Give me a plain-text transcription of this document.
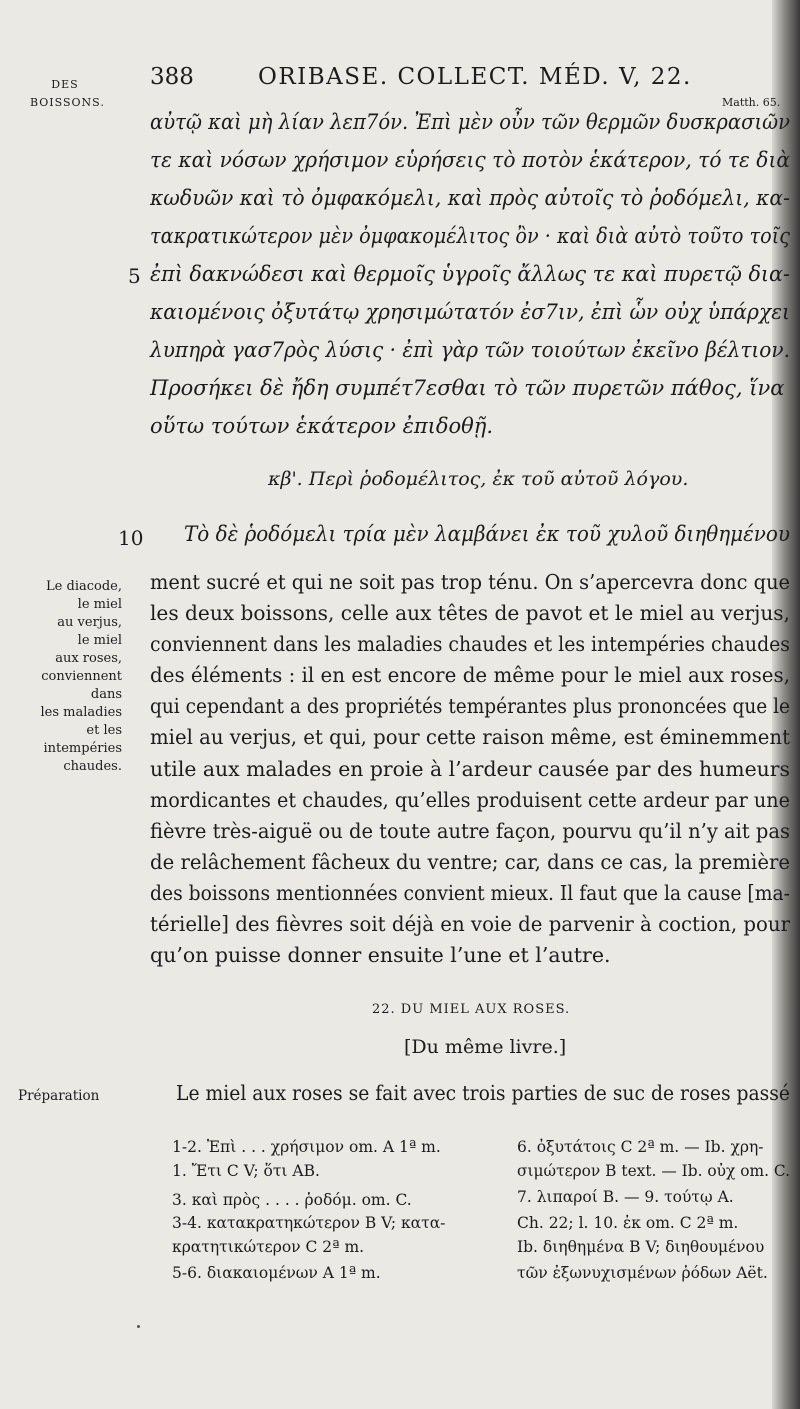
DES
BOISSONS.
388	ORIBASE. COLLECT. MÉD. V, 22.
Matth. 65.
αὐτῷ καὶ μὴ λίαν λεπ7όν. Ἐπὶ μὲν οὖν τῶν θερμῶν δυσκρασιῶν
τε καὶ νόσων χρήσιμον εὑρήσεις τὸ ποτὸν ἑκάτερον, τό τε διὰ
κωδυῶν καὶ τὸ ὀμφακόμελι, καὶ πρὸς αὐτοῖς τὸ ῥοδόμελι, κα-
τακρατικώτερον μὲν ὀμφακομέλιτος ὂν · καὶ διὰ αὐτὸ τοῦτο τοῖς
5 ἐπὶ δακνώδεσι καὶ θερμοῖς ὑγροῖς ἄλλως τε καὶ πυρετῷ δια-
καιομένοις ὀξυτάτῳ χρησιμώτατόν ἐσ7ιν, ἐπὶ ὧν οὐχ ὑπάρχει
λυπηρὰ γασ7ρὸς λύσις · ἐπὶ γὰρ τῶν τοιούτων ἐκεῖνο βέλτιον.
Προσήκει δὲ ἤδη συμπέτ7εσθαι τὸ τῶν πυρετῶν πάθος, ἵνα
οὕτω τούτων ἑκάτερον ἐπιδοθῇ.
κβ'. Περὶ ῥοδομέλιτος, ἐκ τοῦ αὐτοῦ λόγου.
10 Τὸ δὲ ῥοδόμελι τρία μὲν λαμβάνει ἐκ τοῦ χυλοῦ διηθημένου

Le diacode,

le miel

au verjus,

le miel

aux roses,

conviennent

dans

les maladies

et les

intempéries

chaudes.

ment sucré et qui ne soit pas trop ténu. On s’apercevra donc que
les deux boissons, celle aux têtes de pavot et le miel au verjus,
conviennent dans les maladies chaudes et les intempéries chaudes
des éléments : il en est encore de même pour le miel aux roses,
qui cependant a des propriétés tempérantes plus prononcées que le
miel au verjus, et qui, pour cette raison même, est éminemment
utile aux malades en proie à l’ardeur causée par des humeurs
mordicantes et chaudes, qu’elles produisent cette ardeur par une
fièvre très-aiguë ou de toute autre façon, pourvu qu’il n’y ait pas
de relâchement fâcheux du ventre; car, dans ce cas, la première
des boissons mentionnées convient mieux. Il faut que la cause [ma-
térielle] des fièvres soit déjà en voie de parvenir à coction, pour
qu’on puisse donner ensuite l’une et l’autre.
22. DU MIEL AUX ROSES.
[Du même livre.]
Préparation	Le miel aux roses se fait avec trois parties de suc de roses passé
1-2. Ἐπὶ . . . χρήσιμον om. A 1ª m.
1. Ἔτι C V; ὅτι AB.
3. καὶ πρὸς . . . . ῥοδόμ. om. C.
3-4. κατακρατηκώτερον B V; κατα-
κρατητικώτερον C 2ª m.
5-6. διακαιομένων A 1ª m.
6. ὀξυτάτοις C 2ª m. — Ib. χρη-
σιμώτερον B text. — Ib. οὐχ om. C.
7. λιπαροί B. — 9. τούτῳ A.
Ch. 22; l. 10. ἐκ om. C 2ª m.
Ib. διηθημένα B V; διηθουμένου
τῶν ἐξωνυχισμένων ῥόδων Aët.
